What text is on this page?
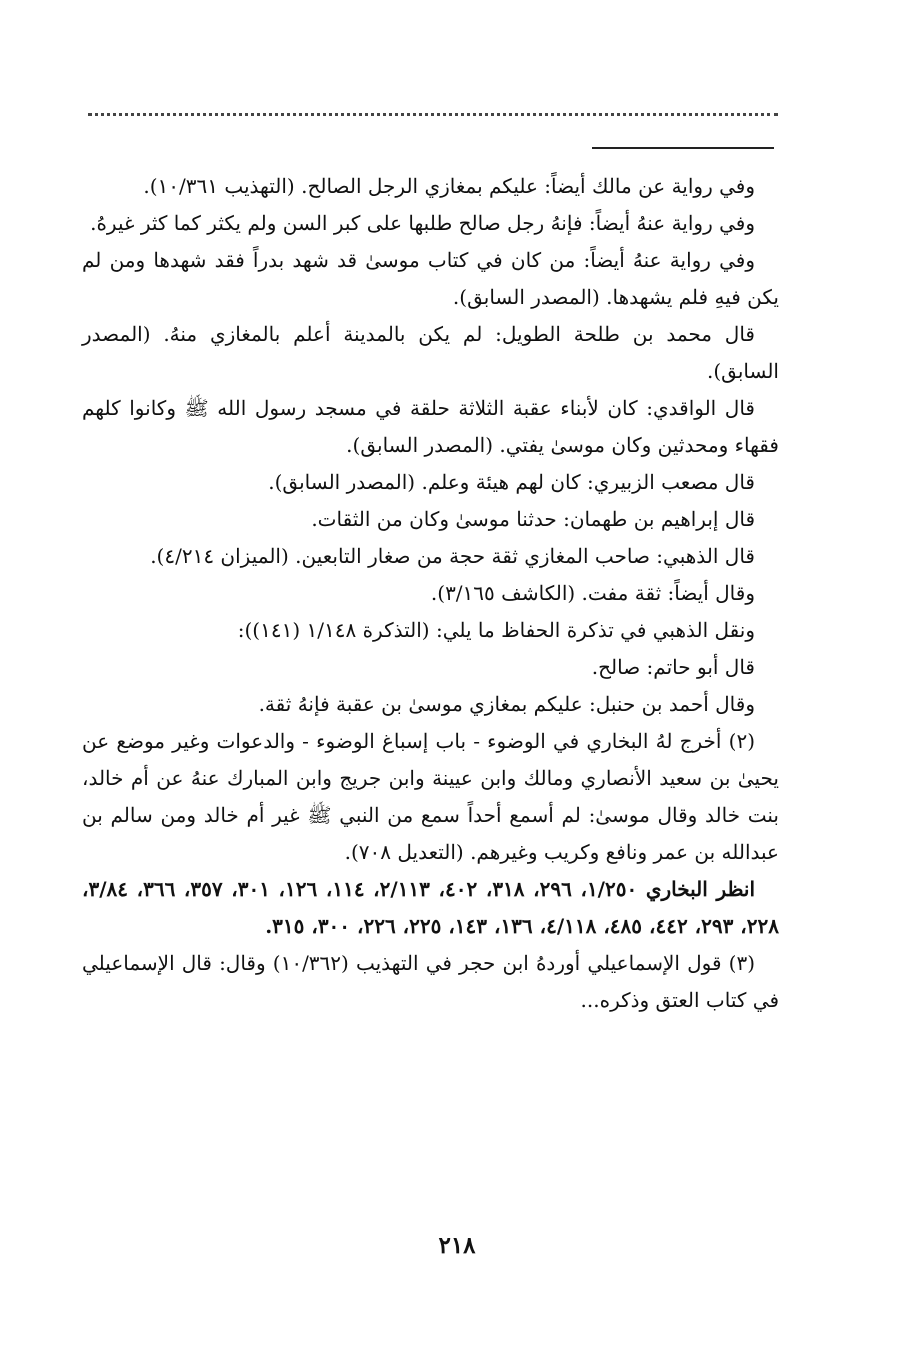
وفي رواية عن مالك أيضاً: عليكم بمغازي الرجل الصالح. (التهذيب ١٠/٣٦١).

وفي رواية عنهُ أيضاً: فإنهُ رجل صالح طلبها على كبر السن ولم يكثر كما كثر غيرهُ.

وفي رواية عنهُ أيضاً: من كان في كتاب موسىٰ قد شهد بدراً فقد شهدها ومن لم يكن فيهِ فلم يشهدها. (المصدر السابق).

قال محمد بن طلحة الطويل: لم يكن بالمدينة أعلم بالمغازي منهُ. (المصدر السابق).

قال الواقدي: كان لأبناء عقبة الثلاثة حلقة في مسجد رسول الله ﷺ وكانوا كلهم فقهاء ومحدثين وكان موسىٰ يفتي. (المصدر السابق).

قال مصعب الزبيري: كان لهم هيئة وعلم. (المصدر السابق).

قال إبراهيم بن طهمان: حدثنا موسىٰ وكان من الثقات.

قال الذهبي: صاحب المغازي ثقة حجة من صغار التابعين. (الميزان ٤/٢١٤).

وقال أيضاً: ثقة مفت. (الكاشف ٣/١٦٥).

ونقل الذهبي في تذكرة الحفاظ ما يلي: (التذكرة ١/١٤٨ (١٤١)):

قال أبو حاتم: صالح.

وقال أحمد بن حنبل: عليكم بمغازي موسىٰ بن عقبة فإنهُ ثقة.

(٢) أخرج لهُ البخاري في الوضوء - باب إسباغ الوضوء - والدعوات وغير موضع عن يحيىٰ بن سعيد الأنصاري ومالك وابن عيينة وابن جريج وابن المبارك عنهُ عن أم خالد، بنت خالد وقال موسىٰ: لم أسمع أحداً سمع من النبي ﷺ غير أم خالد ومن سالم بن عبدالله بن عمر ونافع وكريب وغيرهم. (التعديل ٧٠٨).

انظر البخاري ١/٢٥٠، ٢٩٦، ٣١٨، ٤٠٢، ٢/١١٣، ١١٤، ١٢٦، ٣٠١، ٣٥٧، ٣٦٦، ٣/٨٤، ٢٢٨، ٢٩٣، ٤٤٢، ٤٨٥، ٤/١١٨، ١٣٦، ١٤٣، ٢٢٥، ٢٢٦، ٣٠٠، ٣١٥.

(٣) قول الإسماعيلي أوردهُ ابن حجر في التهذيب (١٠/٣٦٢) وقال: قال الإسماعيلي في كتاب العتق وذكره...

٢١٨
